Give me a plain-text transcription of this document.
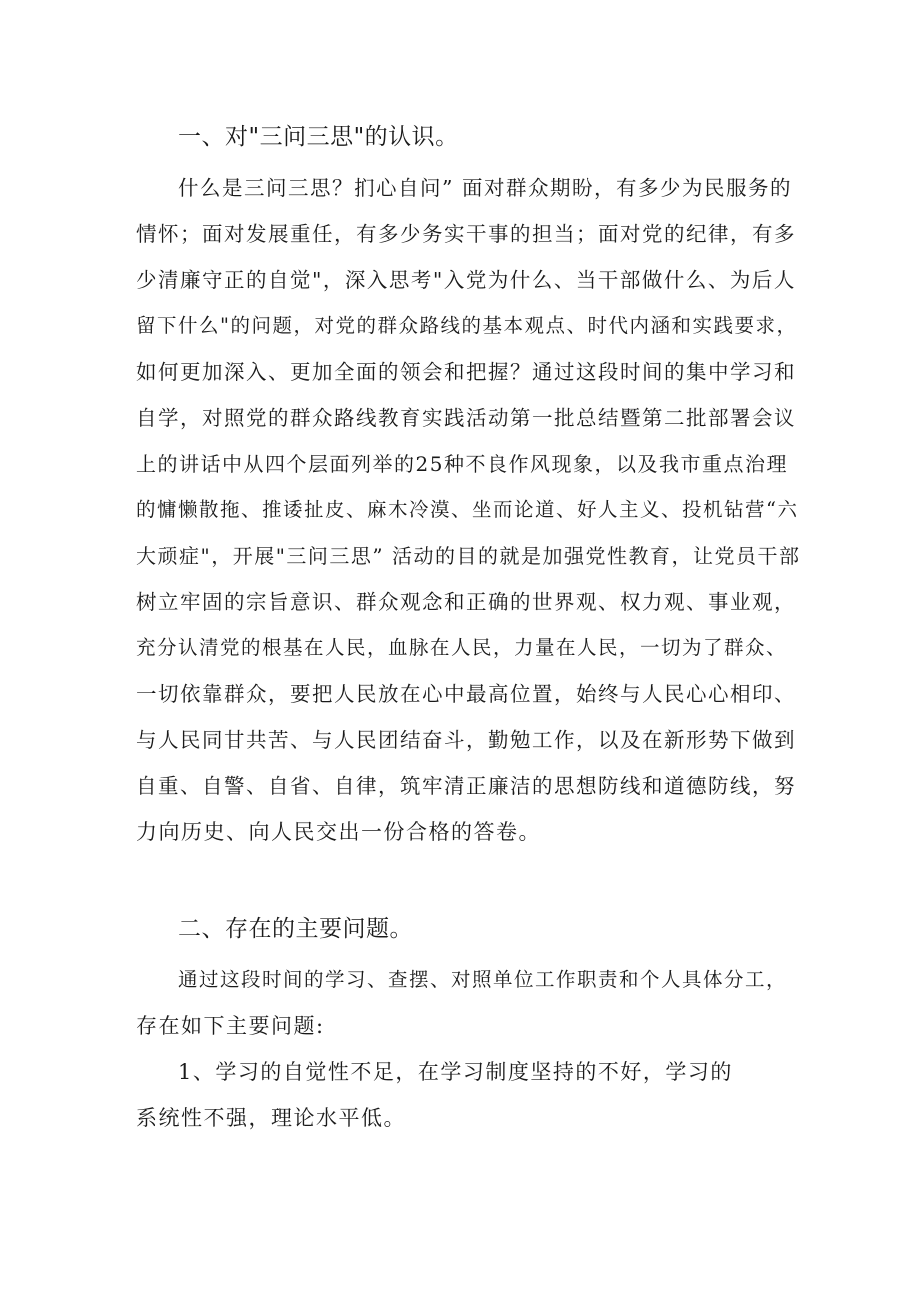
一、对"三问三思"的认识。

什么是三问三思？扪心自问” 面对群众期盼，有多少为民服务的

情怀；面对发展重任，有多少务实干事的担当；面对党的纪律，有多

少清廉守正的自觉"，深入思考"入党为什么、当干部做什么、为后人

留下什么"的问题，对党的群众路线的基本观点、时代内涵和实践要求，

如何更加深入、更加全面的领会和把握？通过这段时间的集中学习和

自学，对照党的群众路线教育实践活动第一批总结暨第二批部署会议

上的讲话中从四个层面列举的25种不良作风现象，以及我市重点治理

的慵懒散拖、推诿扯皮、麻木冷漠、坐而论道、好人主义、投机钻营“六

大顽症"，开展"三问三思” 活动的目的就是加强党性教育，让党员干部

树立牢固的宗旨意识、群众观念和正确的世界观、权力观、事业观，

充分认清党的根基在人民，血脉在人民，力量在人民，一切为了群众、

一切依靠群众，要把人民放在心中最高位置，始终与人民心心相印、

与人民同甘共苦、与人民团结奋斗，勤勉工作，以及在新形势下做到

自重、自警、自省、自律，筑牢清正廉洁的思想防线和道德防线，努

力向历史、向人民交出一份合格的答卷。

二、存在的主要问题。

通过这段时间的学习、查摆、对照单位工作职责和个人具体分工，

存在如下主要问题:

1、学习的自觉性不足，在学习制度坚持的不好，学习的

系统性不强，理论水平低。
